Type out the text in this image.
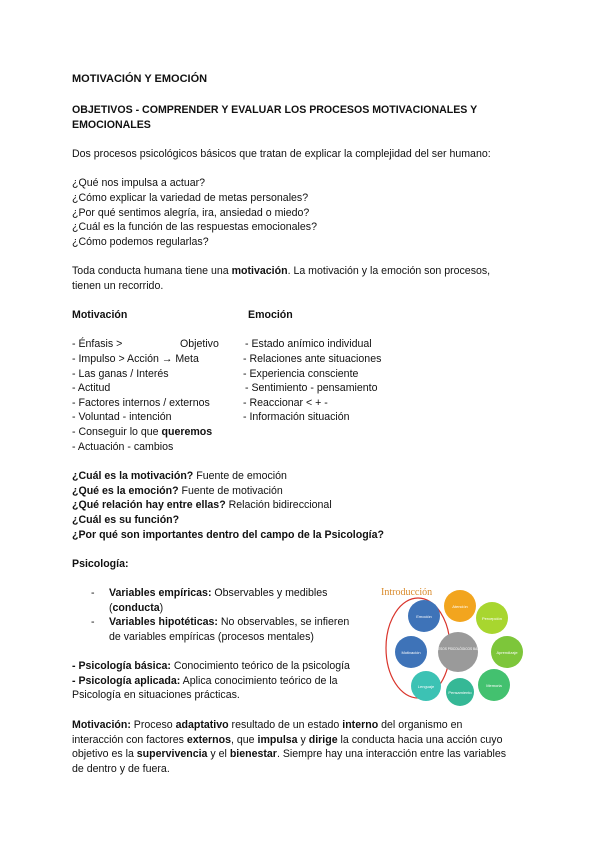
MOTIVACIÓN Y EMOCIÓN
OBJETIVOS - COMPRENDER Y EVALUAR LOS PROCESOS MOTIVACIONALES Y
EMOCIONALES
Dos procesos psicológicos básicos que tratan de explicar la complejidad del ser humano:
¿Qué nos impulsa a actuar?
¿Cómo explicar la variedad de metas personales?
¿Por qué sentimos alegría, ira, ansiedad o miedo?
¿Cuál es la función de las respuestas emocionales?
¿Cómo podemos regularlas?
Toda conducta humana tiene una motivación. La motivación y la emoción son procesos,
tienen un recorrido.
Motivación	Emoción
- Énfasis >	Objetivo
- Impulso > Acción → Meta
- Las ganas / Interés
- Actitud
- Factores internos / externos
- Voluntad - intención
- Conseguir lo que queremos
- Actuación - cambios
- Estado anímico individual
- Relaciones ante situaciones
- Experiencia consciente
- Sentimiento - pensamiento
- Reaccionar < + -
- Información situación
¿Cuál es la motivación? Fuente de emoción
¿Qué es la emoción? Fuente de motivación
¿Qué relación hay entre ellas? Relación bidireccional
¿Cuál es su función?
¿Por qué son importantes dentro del campo de la Psicología?
Psicología:
- Variables empíricas: Observables y medibles
(conducta)
- Variables hipotéticas: No observables, se infieren
de variables empíricas (procesos mentales)
- Psicología básica: Conocimiento teórico de la psicología
- Psicología aplicada: Aplica conocimiento teórico de la
Psicología en situaciones prácticas.
Motivación: Proceso adaptativo resultado de un estado interno del organismo en
interacción con factores externos, que impulsa y dirige la conducta hacia una acción cuyo
objetivo es la supervivencia y el bienestar. Siempre hay una interacción entre las variables
de dentro y de fuera.
Introducción
PROCESOS PSICOLÓGICOS BÁSICOS
Emoción
Atención
Percepción
Aprendizaje
Memoria
Pensamiento
Lenguaje
Motivación
